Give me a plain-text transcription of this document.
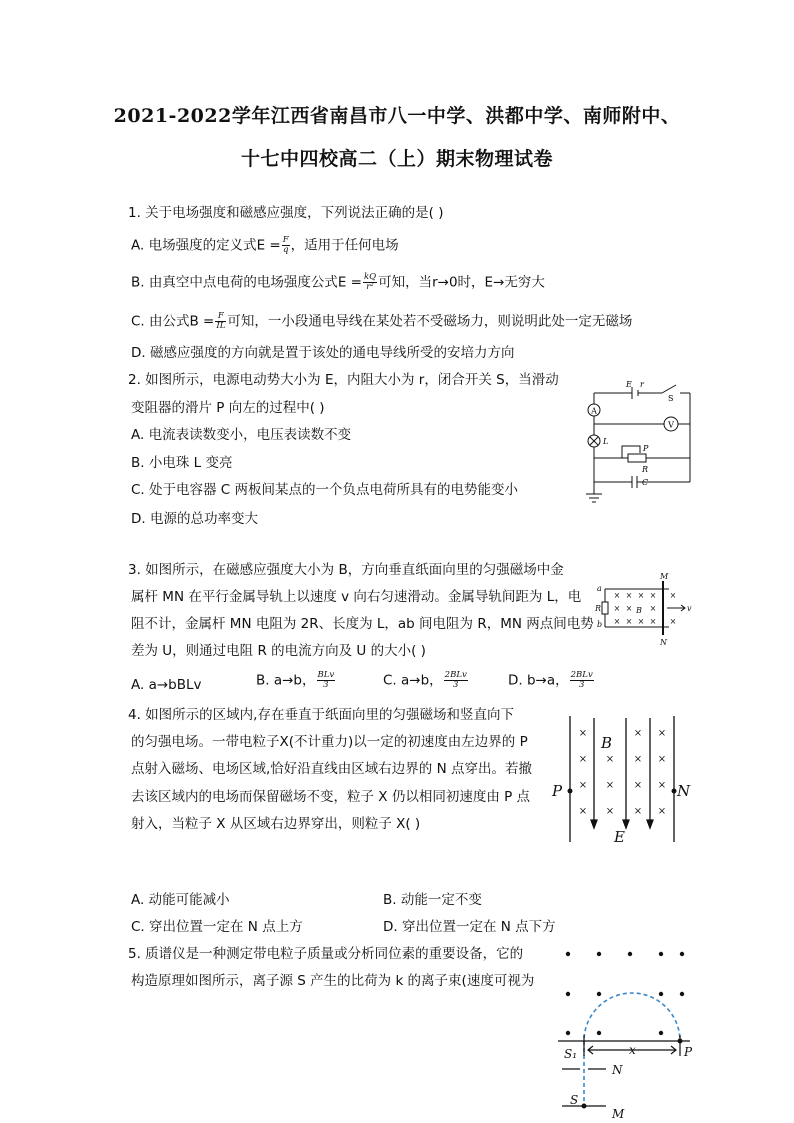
2021-2022学年江西省南昌市八一中学、洪都中学、南师附中、
十七中四校高二（上）期末物理试卷
1. 关于电场强度和磁感应强度，下列说法正确的是( )
A. 电场强度的定义式$E = \frac{F}{q}$ ，适用于任何电场
B. 由真空中点电荷的电场强度公式$E = \frac{kQ}{\text{r²}}$ 可知，当r→0时，E→无穷大
C. 由公式$B = \frac{F}{IL}$ 可知，一小段通电导线在某处若不受磁场力，则说明此处一定无磁场
D. 磁感应强度的方向就是置于该处的通电导线所受的安培力方向
2. 如图所示，电源电动势大小为 E，内阻大小为 r，闭合开关 S，当滑动
变阻器的滑片 P 向左的过程中( )
A. 电流表读数变小，电压表读数不变
B. 小电珠 L 变亮
C. 处于电容器 C 两板间某点的一个负点电荷所具有的电势能变小
D. 电源的总功率变大
A
L
V
E r
S
P
R
C
3. 如图所示，在磁感应强度大小为 B，方向垂直纸面向里的匀强磁场中金
属杆 MN 在平行金属导轨上以速度 v 向右匀速滑动。金属导轨间距为 L，电
阻不计，金属杆 MN 电阻为 2R、长度为 L，ab 间电阻为 R，MN 两点间电势
差为 U，则通过电阻 R 的电流方向及 U 的大小( )
A. a→bBLv	B. a→b， $\frac{\text{BLv}}{3}$	C. a→b， $\frac{\text{2BLv}}{3}$	D. b→a， $\frac{\text{2BLv}}{3}$
× × × × ×
× × ×
× × × × ×
M
N
a
R
b
B	v
4. 如图所示的区域内,存在垂直于纸面向里的匀强磁场和竖直向下
的匀强电场。一带电粒子X(不计重力)以一定的初速度由左边界的 P
点射入磁场、电场区域,恰好沿直线由区域右边界的 N 点穿出。若撤
去该区域内的电场而保留磁场不变，粒子 X 仍以相同初速度由 P 点
射入，当粒子 X 从区域右边界穿出，则粒子 X( )
A. 动能可能减小	B. 动能一定不变
C. 穿出位置一定在 N 点上方	D. 穿出位置一定在 N 点下方
×
×
×
×
×
×
×
×
×
×
×
×
×
×
×
B
E
P	N
5. 质谱仪是一种测定带电粒子质量或分析同位素的重要设备，它的
构造原理如图所示，离子源 S 产生的比荷为 k 的离子束(速度可视为
S₁	x	P
N
S
M
